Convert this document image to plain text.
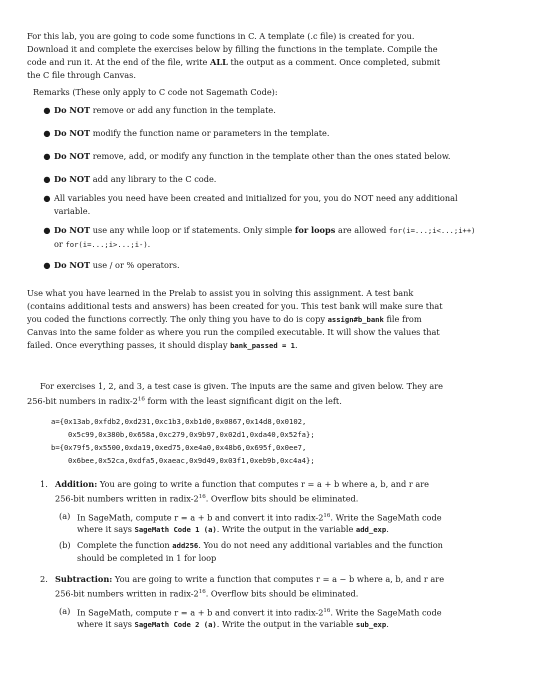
For this lab, you are going to code some functions in C. A template (.c file) is created for you.

Download it and complete the exercises below by filling the functions in the template. Compile the

code and run it. At the end of the file, write ALL the output as a comment. Once completed, submit

the C file through Canvas.

Remarks (These only apply to C code not Sagemath Code):

● Do NOT remove or add any function in the template.
● Do NOT modify the function name or parameters in the template.
● Do NOT remove, add, or modify any function in the template other than the ones stated below.
● Do NOT add any library to the C code.
● All variables you need have been created and initialized for you, you do NOT need any additional
variable.
● Do NOT use any while loop or if statements. Only simple for loops are allowed for(i=...;i<...;i++)
or for(i=...;i>...;i-).
● Do NOT use / or % operators.

Use what you have learned in the Prelab to assist you in solving this assignment. A test bank

(contains additional tests and answers) has been created for you. This test bank will make sure that

you coded the functions correctly. The only thing you have to do is copy assign#b_bank file from

Canvas into the same folder as where you run the compiled executable. It will show the values that

failed. Once everything passes, it should display bank_passed = 1.

For exercises 1, 2, and 3, a test case is given. The inputs are the same and given below. They are

256-bit numbers in radix-$2^{16}$ form with the least significant digit on the left.

a={0x13ab,0xfdb2,0xd231,0xc1b3,0xb1d0,0x0867,0x14d8,0x0102,

0x5c99,0x380b,0x658a,0xc279,0x9b97,0x02d1,0xda40,0x52fa};

b={0x79f5,0x5500,0xda19,0xed75,0xe4a0,0x48b6,0x695f,0x0ee7,

0x6bee,0x52ca,0xdfa5,0xaeac,0x9d49,0x03f1,0xeb9b,0xc4a4};

1. Addition: You are going to write a function that computes r = a + b where a, b, and r are

256-bit numbers written in radix-$2^{16}$. Overflow bits should be eliminated.

(a) In SageMath, compute r = a + b and convert it into radix-$2^{16}$. Write the SageMath code

where it says SageMath Code 1 (a). Write the output in the variable add_exp.

(b) Complete the function add256. You do not need any additional variables and the function

should be completed in 1 for loop

2. Subtraction: You are going to write a function that computes r = a − b where a, b, and r are

256-bit numbers written in radix-$2^{16}$. Overflow bits should be eliminated.

(a) In SageMath, compute r = a + b and convert it into radix-$2^{16}$. Write the SageMath code

where it says SageMath Code 2 (a). Write the output in the variable sub_exp.
